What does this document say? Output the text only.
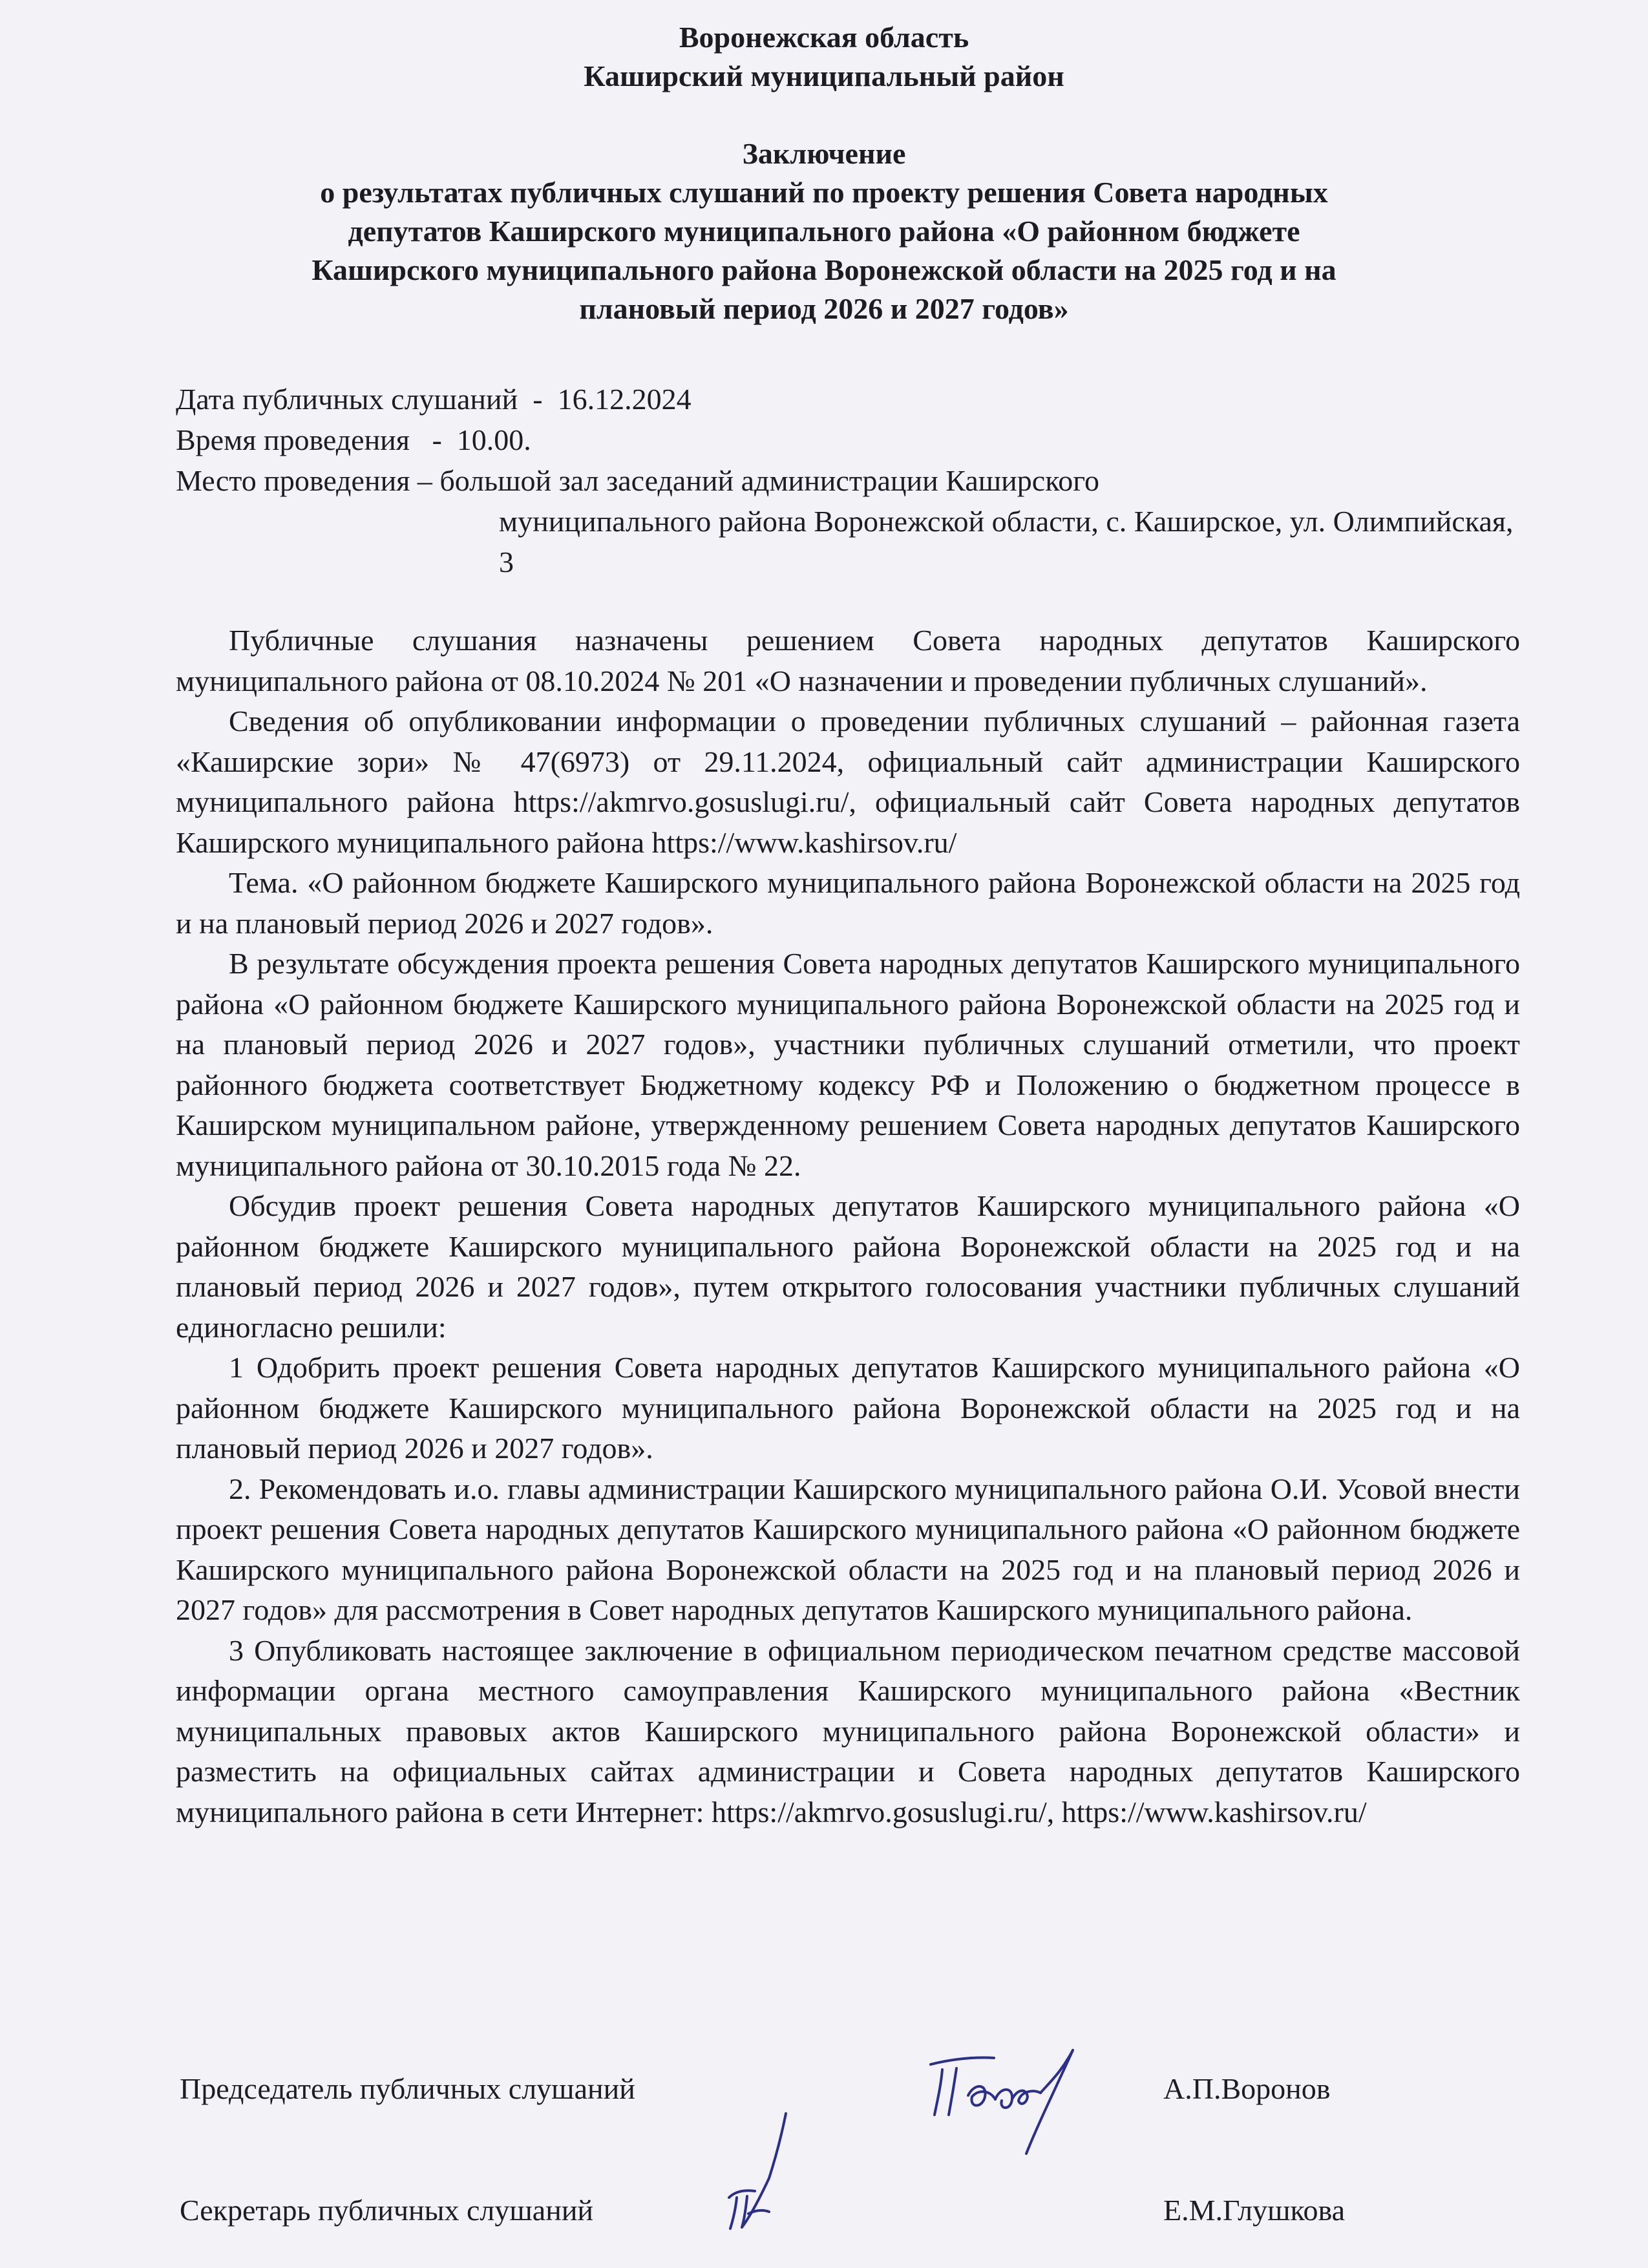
Воронежская область
Каширский муниципальный район
Заключение
о результатах публичных слушаний по проекту решения Совета народных
депутатов Каширского муниципального района «О районном бюджете
Каширского муниципального района Воронежской области на 2025 год и на
плановый период 2026 и 2027 годов»
Дата публичных слушаний  -  16.12.2024
Время проведения   -  10.00.
Место проведения – большой зал заседаний администрации Каширского
муниципального района Воронежской области, с. Каширское, ул. Олимпийская, 3

Публичные слушания назначены решением Совета народных депутатов Каширского муниципального района от 08.10.2024 № 201 «О назначении и проведении публичных слушаний».

Сведения об опубликовании информации о проведении публичных слушаний – районная газета «Каширские зори» № 47(6973) от 29.11.2024, официальный сайт администрации Каширского муниципального района https://akmrvo.gosuslugi.ru/, официальный сайт Совета народных депутатов Каширского муниципального района https://www.kashirsov.ru/

Тема. «О районном бюджете Каширского муниципального района Воронежской области на 2025 год и на плановый период 2026 и 2027 годов».

В результате обсуждения проекта решения Совета народных депутатов Каширского муниципального района «О районном бюджете Каширского муниципального района Воронежской области на 2025 год и на плановый период 2026 и 2027 годов», участники публичных слушаний отметили, что проект районного бюджета соответствует Бюджетному кодексу РФ и Положению о бюджетном процессе в Каширском муниципальном районе, утвержденному решением Совета народных депутатов Каширского муниципального района от 30.10.2015 года № 22.

Обсудив проект решения Совета народных депутатов Каширского муниципального района «О районном бюджете Каширского муниципального района Воронежской области на 2025 год и на плановый период 2026 и 2027 годов», путем открытого голосования участники публичных слушаний единогласно решили:

1 Одобрить проект решения Совета народных депутатов Каширского муниципального района «О районном бюджете Каширского муниципального района Воронежской области на 2025 год и на плановый период 2026 и 2027 годов».

2. Рекомендовать и.о. главы администрации Каширского муниципального района О.И. Усовой внести проект решения Совета народных депутатов Каширского муниципального района «О районном бюджете Каширского муниципального района Воронежской области на 2025 год и на плановый период 2026 и 2027 годов» для рассмотрения в Совет народных депутатов Каширского муниципального района.

3 Опубликовать настоящее заключение в официальном периодическом печатном средстве массовой информации органа местного самоуправления Каширского муниципального района «Вестник муниципальных правовых актов Каширского муниципального района Воронежской области» и разместить на официальных сайтах администрации и Совета народных депутатов Каширского муниципального района в сети Интернет: https://akmrvo.gosuslugi.ru/, https://www.kashirsov.ru/

Председатель публичных слушаний	А.П.Воронов
Секретарь публичных слушаний	Е.М.Глушкова
